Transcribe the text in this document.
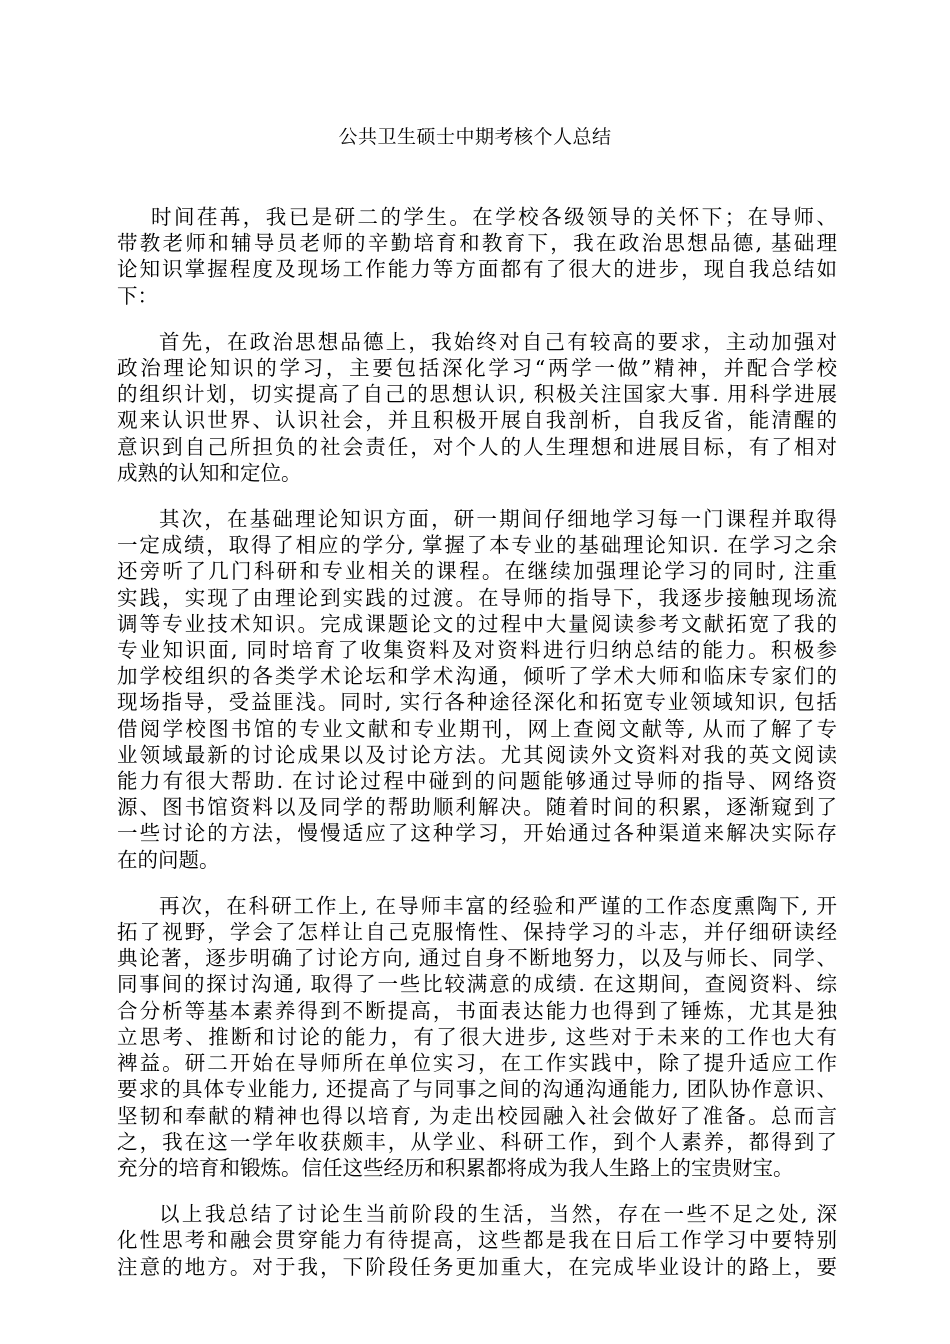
公共卫生硕士中期考核个人总结
时间荏苒，我已是研二的学生。在学校各级领导的关怀下；在导师、
带教老师和辅导员老师的辛勤培育和教育下，我在政治思想品德, 基础理
论知识掌握程度及现场工作能力等方面都有了很大的进步，现自我总结如
下：
首先，在政治思想品德上，我始终对自己有较高的要求，主动加强对
政治理论知识的学习，主要包括深化学习“两学一做”精神，并配合学校
的组织计划，切实提高了自己的思想认识, 积极关注国家大事. 用科学进展
观来认识世界、认识社会，并且积极开展自我剖析，自我反省，能清醒的
意识到自己所担负的社会责任，对个人的人生理想和进展目标，有了相对
成熟的认知和定位。
其次，在基础理论知识方面，研一期间仔细地学习每一门课程并取得
一定成绩，取得了相应的学分, 掌握了本专业的基础理论知识. 在学习之余
还旁听了几门科研和专业相关的课程。在继续加强理论学习的同时, 注重
实践，实现了由理论到实践的过渡。在导师的指导下，我逐步接触现场流
调等专业技术知识。完成课题论文的过程中大量阅读参考文献拓宽了我的
专业知识面, 同时培育了收集资料及对资料进行归纳总结的能力。积极参
加学校组织的各类学术论坛和学术沟通，倾听了学术大师和临床专家们的
现场指导，受益匪浅。同时, 实行各种途径深化和拓宽专业领域知识, 包括
借阅学校图书馆的专业文献和专业期刊，网上查阅文献等, 从而了解了专
业领域最新的讨论成果以及讨论方法。尤其阅读外文资料对我的英文阅读
能力有很大帮助. 在讨论过程中碰到的问题能够通过导师的指导、网络资
源、图书馆资料以及同学的帮助顺利解决。随着时间的积累，逐渐窥到了
一些讨论的方法，慢慢适应了这种学习，开始通过各种渠道来解决实际存
在的问题。
再次，在科研工作上, 在导师丰富的经验和严谨的工作态度熏陶下, 开
拓了视野，学会了怎样让自己克服惰性、保持学习的斗志，并仔细研读经
典论著，逐步明确了讨论方向, 通过自身不断地努力，以及与师长、同学、
同事间的探讨沟通, 取得了一些比较满意的成绩. 在这期间，查阅资料、综
合分析等基本素养得到不断提高，书面表达能力也得到了锤炼，尤其是独
立思考、推断和讨论的能力，有了很大进步, 这些对于未来的工作也大有
裨益。研二开始在导师所在单位实习，在工作实践中，除了提升适应工作
要求的具体专业能力, 还提高了与同事之间的沟通沟通能力, 团队协作意识、
坚韧和奉献的精神也得以培育, 为走出校园融入社会做好了准备。总而言
之，我在这一学年收获颇丰，从学业、科研工作，到个人素养，都得到了
充分的培育和锻炼。信任这些经历和积累都将成为我人生路上的宝贵财宝。
以上我总结了讨论生当前阶段的生活，当然，存在一些不足之处, 深
化性思考和融会贯穿能力有待提高，这些都是我在日后工作学习中要特别
注意的地方。对于我，下阶段任务更加重大，在完成毕业设计的路上，要
